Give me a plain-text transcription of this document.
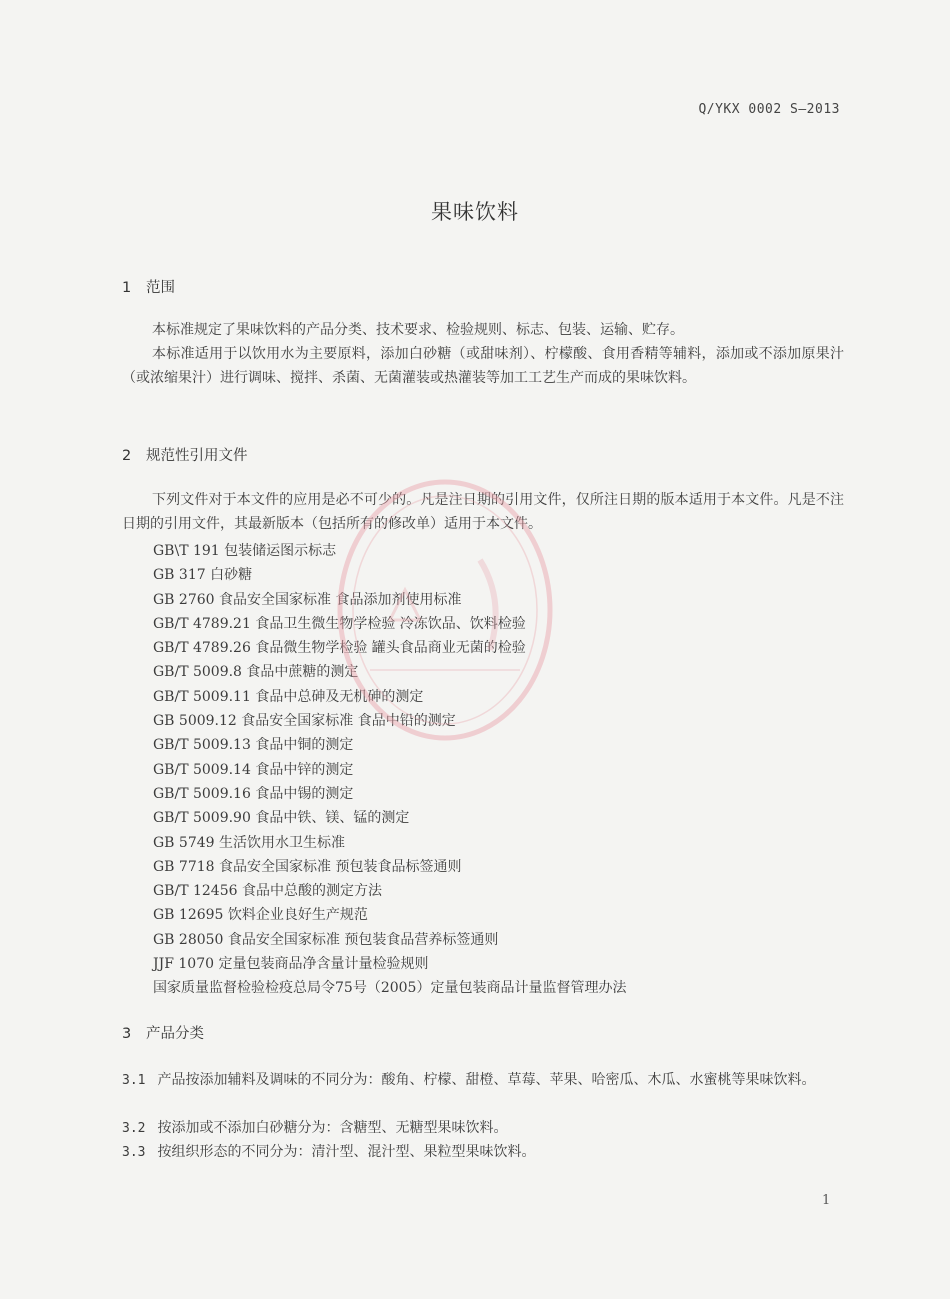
Q/YKX 0002 S—2013
果味饮料
1 范围
本标准规定了果味饮料的产品分类、技术要求、检验规则、标志、包装、运输、贮存。
本标准适用于以饮用水为主要原料，添加白砂糖（或甜味剂）、柠檬酸、食用香精等辅料，添加或不添加原果汁（或浓缩果汁）进行调味、搅拌、杀菌、无菌灌装或热灌装等加工工艺生产而成的果味饮料。
2 规范性引用文件
下列文件对于本文件的应用是必不可少的。凡是注日期的引用文件，仅所注日期的版本适用于本文件。凡是不注日期的引用文件，其最新版本（包括所有的修改单）适用于本文件。
GB\T 191 包装储运图示标志
GB 317 白砂糖
GB 2760 食品安全国家标准 食品添加剂使用标准
GB/T 4789.21 食品卫生微生物学检验 冷冻饮品、饮料检验
GB/T 4789.26 食品微生物学检验 罐头食品商业无菌的检验
GB/T 5009.8 食品中蔗糖的测定
GB/T 5009.11 食品中总砷及无机砷的测定
GB 5009.12 食品安全国家标准 食品中铅的测定
GB/T 5009.13 食品中铜的测定
GB/T 5009.14 食品中锌的测定
GB/T 5009.16 食品中锡的测定
GB/T 5009.90 食品中铁、镁、锰的测定
GB 5749 生活饮用水卫生标准
GB 7718 食品安全国家标准 预包装食品标签通则
GB/T 12456 食品中总酸的测定方法
GB 12695 饮料企业良好生产规范
GB 28050 食品安全国家标准 预包装食品营养标签通则
JJF 1070 定量包装商品净含量计量检验规则
国家质量监督检验检疫总局令75号（2005）定量包装商品计量监督管理办法
3 产品分类
3.1 产品按添加辅料及调味的不同分为：酸角、柠檬、甜橙、草莓、苹果、哈密瓜、木瓜、水蜜桃等果味饮料。
3.2 按添加或不添加白砂糖分为：含糖型、无糖型果味饮料。
3.3 按组织形态的不同分为：清汁型、混汁型、果粒型果味饮料。
1
